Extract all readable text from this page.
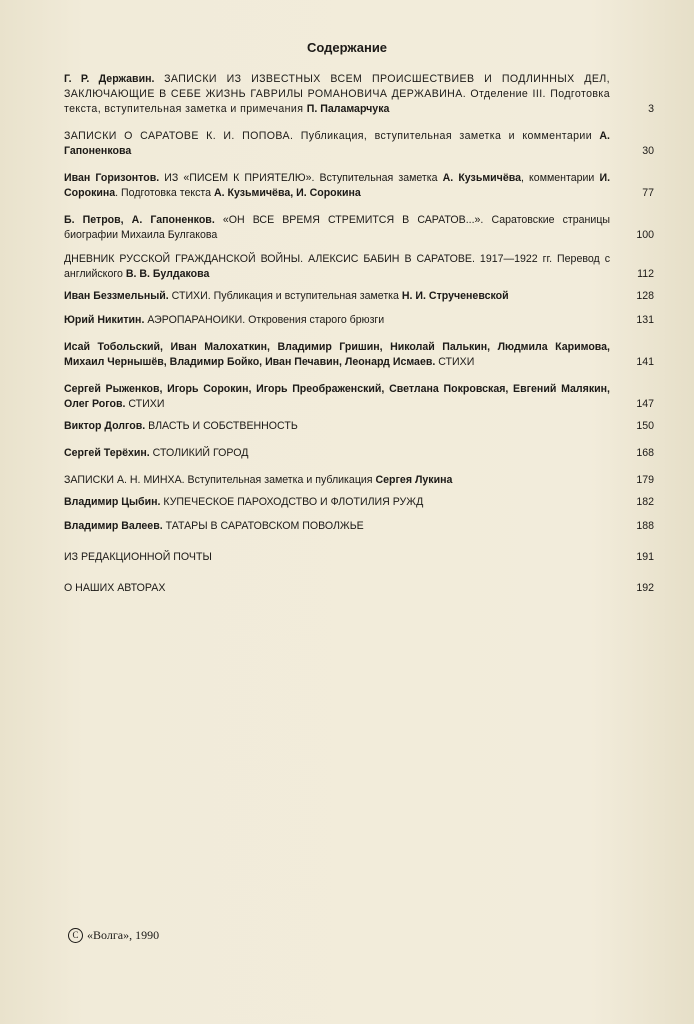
Содержание
Г. Р. Державин. ЗАПИСКИ ИЗ ИЗВЕСТНЫХ ВСЕМ ПРОИСШЕСТВИЕВ И ПОДЛИННЫХ ДЕЛ, ЗАКЛЮЧАЮЩИЕ В СЕБЕ ЖИЗНЬ ГАВРИЛЫ РОМАНОВИЧА ДЕРЖАВИНА. Отделение III. Подготовка текста, вступительная заметка и примечания П. Паламарчука	3
ЗАПИСКИ О САРАТОВЕ К. И. ПОПОВА. Публикация, вступительная заметка и комментарии А. Гапоненкова	30
Иван Горизонтов. ИЗ «ПИСЕМ К ПРИЯТЕЛЮ». Вступительная заметка А. Кузьмичёва, комментарии И. Сорокина. Подготовка текста А. Кузьмичёва, И. Сорокина	77
Б. Петров, А. Гапоненков. «ОН ВСЕ ВРЕМЯ СТРЕМИТСЯ В САРАТОВ...». Саратовские страницы биографии Михаила Булгакова	100
ДНЕВНИК РУССКОЙ ГРАЖДАНСКОЙ ВОЙНЫ. АЛЕКСИС БАБИН В САРАТОВЕ. 1917—1922 гг. Перевод с английского В. В. Булдакова	112
Иван Беззмельный. СТИХИ. Публикация и вступительная заметка Н. И. Струченевской	128
Юрий Никитин. АЭРОПАРАНОИКИ. Откровения старого брюзги	131
Исай Тобольский, Иван Малохаткин, Владимир Гришин, Николай Палькин, Людмила Каримова, Михаил Чернышёв, Владимир Бойко, Иван Печавин, Леонард Исмаев. СТИХИ	141
Сергей Рыженков, Игорь Сорокин, Игорь Преображенский, Светлана Покровская, Евгений Малякин, Олег Рогов. СТИХИ	147
Виктор Долгов. ВЛАСТЬ И СОБСТВЕННОСТЬ	150
Сергей Терёхин. СТОЛИКИЙ ГОРОД	168
ЗАПИСКИ А. Н. МИНХА. Вступительная заметка и публикация Сергея Лукина	179
Владимир Цыбин. КУПЕЧЕСКОЕ ПАРОХОДСТВО И ФЛОТИЛИЯ РУЖД	182
Владимир Валеев. ТАТАРЫ В САРАТОВСКОМ ПОВОЛЖЬЕ	188
ИЗ РЕДАКЦИОННОЙ ПОЧТЫ	191
О НАШИХ АВТОРАХ	192
C «Волга», 1990
